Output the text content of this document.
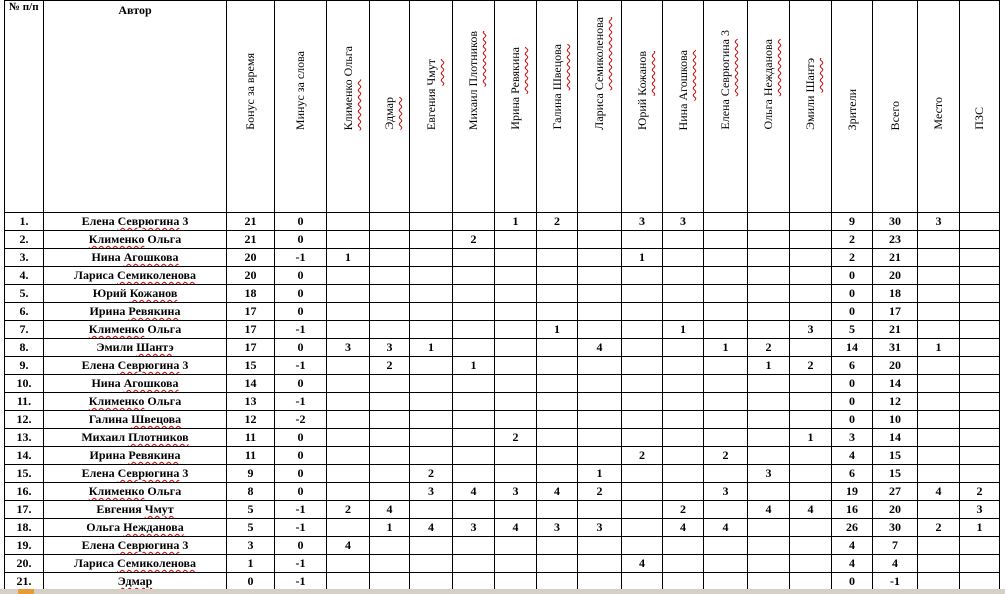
№ п/п	Автор	Бонус за время	Минус за слова	Клименко Ольга	Эдмар	Евгения Чмут	Михаил Плотников	Ирина Ревякина	Галина Швецова	Лариса Семиколенова	Юрий Кожанов	Нина Агошкова	Елена Севрюгина 3	Ольга Неждановa	Эмили Шантэ	Зрители	Всего	Место	ПЗС
1.	Елена Севрюгина 3	21	0					1	2		3	3				9	30	3	
2.	Клименко Ольга	21	0				2									2	23		
3.	Нина Агошкова	20	-1	1							1					2	21		
4.	Лариса Семиколенова	20	0													0	20		
5.	Юрий Кожанов	18	0													0	18		
6.	Ирина Ревякина	17	0													0	17		
7.	Клименко Ольга	17	-1						1			1			3	5	21		
8.	Эмили Шантэ	17	0	3	3	1				4			1	2		14	31	1	
9.	Елена Севрюгина 3	15	-1		2		1							1	2	6	20		
10.	Нина Агошкова	14	0													0	14		
11.	Клименко Ольга	13	-1													0	12		
12.	Галина Швецова	12	-2													0	10		
13.	Михаил Плотников	11	0					2							1	3	14		
14.	Ирина Ревякина	11	0								2		2			4	15		
15.	Елена Севрюгина 3	9	0			2				1				3		6	15		
16.	Клименко Ольга	8	0			3	4	3	4	2			3			19	27	4	2
17.	Евгения Чмут	5	-1	2	4							2		4	4	16	20		3
18.	Ольга Неждановa	5	-1		1	4	3	4	3	3		4	4			26	30	2	1
19.	Елена Севрюгина 3	3	0	4												4	7		
20.	Лариса Семиколенова	1	-1								4					4	4		
21.	Эдмар	0	-1													0	-1		
